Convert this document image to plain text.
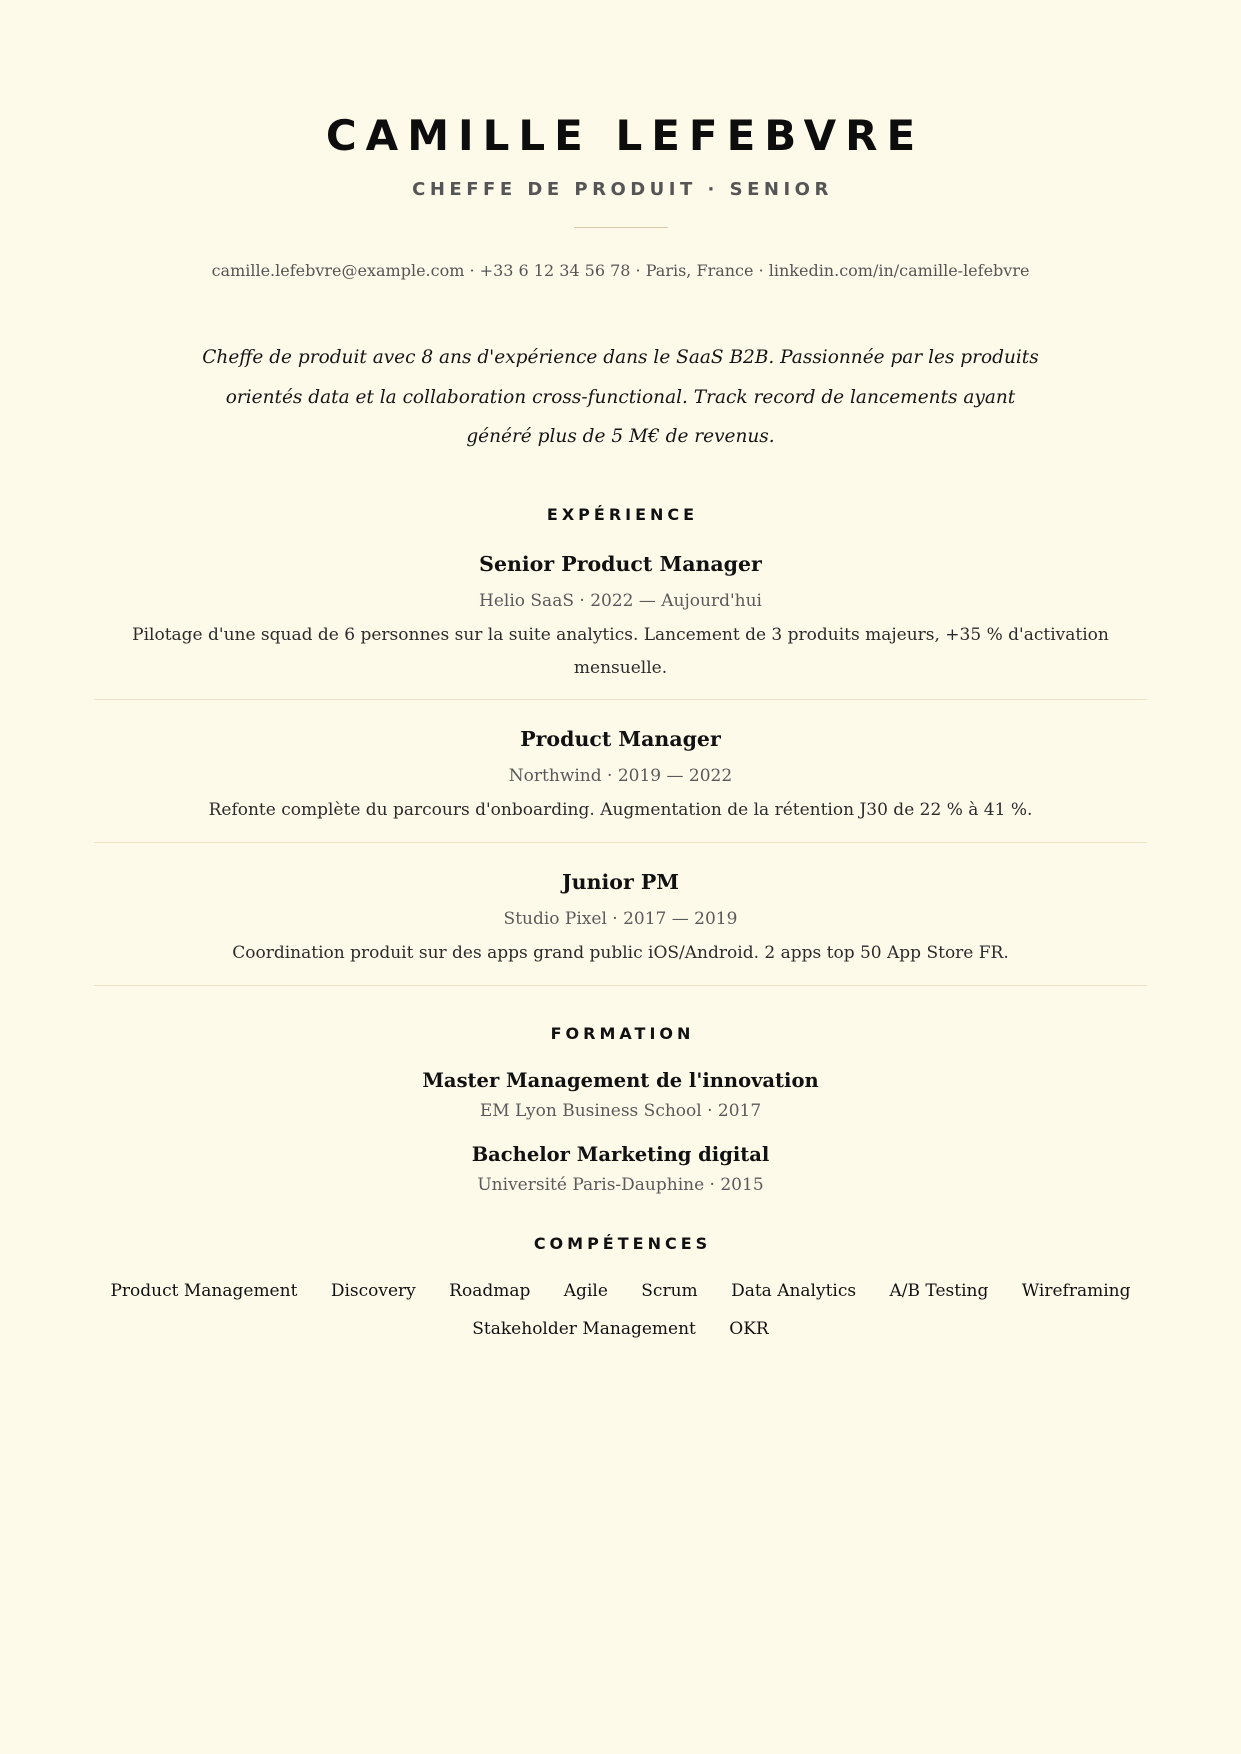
CAMILLE LEFEBVRE
CHEFFE DE PRODUIT · SENIOR
camille.lefebvre@example.com · +33 6 12 34 56 78 · Paris, France · linkedin.com/in/camille-lefebvre
Cheffe de produit avec 8 ans d'expérience dans le SaaS B2B. Passionnée par les produits orientés data et la collaboration cross-functional. Track record de lancements ayant généré plus de 5 M€ de revenus.
EXPÉRIENCE
Senior Product Manager
Helio SaaS · 2022 — Aujourd'hui
Pilotage d'une squad de 6 personnes sur la suite analytics. Lancement de 3 produits majeurs, +35 % d'activation mensuelle.
Product Manager
Northwind · 2019 — 2022
Refonte complète du parcours d'onboarding. Augmentation de la rétention J30 de 22 % à 41 %.
Junior PM
Studio Pixel · 2017 — 2019
Coordination produit sur des apps grand public iOS/Android. 2 apps top 50 App Store FR.
FORMATION
Master Management de l'innovation
EM Lyon Business School · 2017
Bachelor Marketing digital
Université Paris-Dauphine · 2015
COMPÉTENCES
Product Management Discovery Roadmap Agile Scrum Data Analytics A/B Testing Wireframing Stakeholder Management OKR
